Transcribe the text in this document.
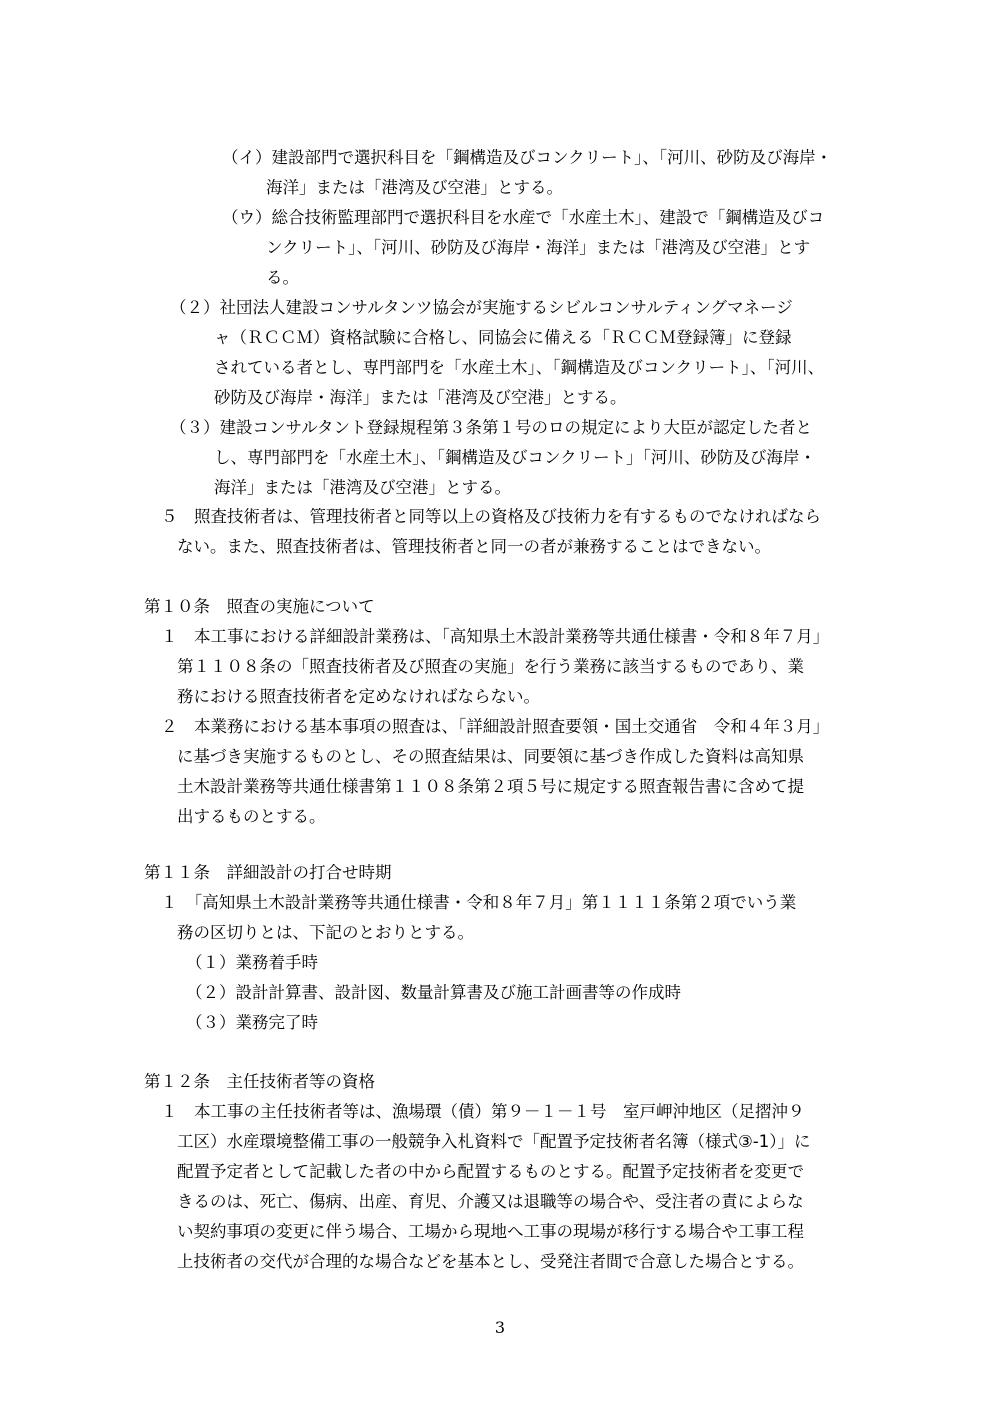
（イ）建設部門で選択科目を「鋼構造及びコンクリート」、「河川、砂防及び海岸・
海洋」または「港湾及び空港」とする。
（ウ）総合技術監理部門で選択科目を水産で「水産土木」、建設で「鋼構造及びコ
ンクリート」、「河川、砂防及び海岸・海洋」または「港湾及び空港」とす
る。
（２）社団法人建設コンサルタンツ協会が実施するシビルコンサルティングマネージ
ャ（ＲＣＣＭ）資格試験に合格し、同協会に備える「ＲＣＣＭ登録簿」に登録
されている者とし、専門部門を「水産土木」、「鋼構造及びコンクリート」、「河川、
砂防及び海岸・海洋」または「港湾及び空港」とする。
（３）建設コンサルタント登録規程第３条第１号のロの規定により大臣が認定した者と
し、専門部門を「水産土木」、「鋼構造及びコンクリート」「河川、砂防及び海岸・
海洋」または「港湾及び空港」とする。
５　照査技術者は、管理技術者と同等以上の資格及び技術力を有するものでなければなら
ない。また、照査技術者は、管理技術者と同一の者が兼務することはできない。
第１０条　照査の実施について
１　本工事における詳細設計業務は、「高知県土木設計業務等共通仕様書・令和８年７月」
第１１０８条の「照査技術者及び照査の実施」を行う業務に該当するものであり、業
務における照査技術者を定めなければならない。
２　本業務における基本事項の照査は、「詳細設計照査要領・国土交通省　令和４年３月」
に基づき実施するものとし、その照査結果は、同要領に基づき作成した資料は高知県
土木設計業務等共通仕様書第１１０８条第２項５号に規定する照査報告書に含めて提
出するものとする。
第１１条　詳細設計の打合せ時期
１　「高知県土木設計業務等共通仕様書・令和８年７月」第１１１１条第２項でいう業
務の区切りとは、下記のとおりとする。
（１）業務着手時
（２）設計計算書、設計図、数量計算書及び施工計画書等の作成時
（３）業務完了時
第１２条　主任技術者等の資格
１　本工事の主任技術者等は、漁場環（債）第９－１－１号　室戸岬沖地区（足摺沖９
工区）水産環境整備工事の一般競争入札資料で「配置予定技術者名簿（様式③-1）」に
配置予定者として記載した者の中から配置するものとする。配置予定技術者を変更で
きるのは、死亡、傷病、出産、育児、介護又は退職等の場合や、受注者の責によらな
い契約事項の変更に伴う場合、工場から現地へ工事の現場が移行する場合や工事工程
上技術者の交代が合理的な場合などを基本とし、受発注者間で合意した場合とする。
3
